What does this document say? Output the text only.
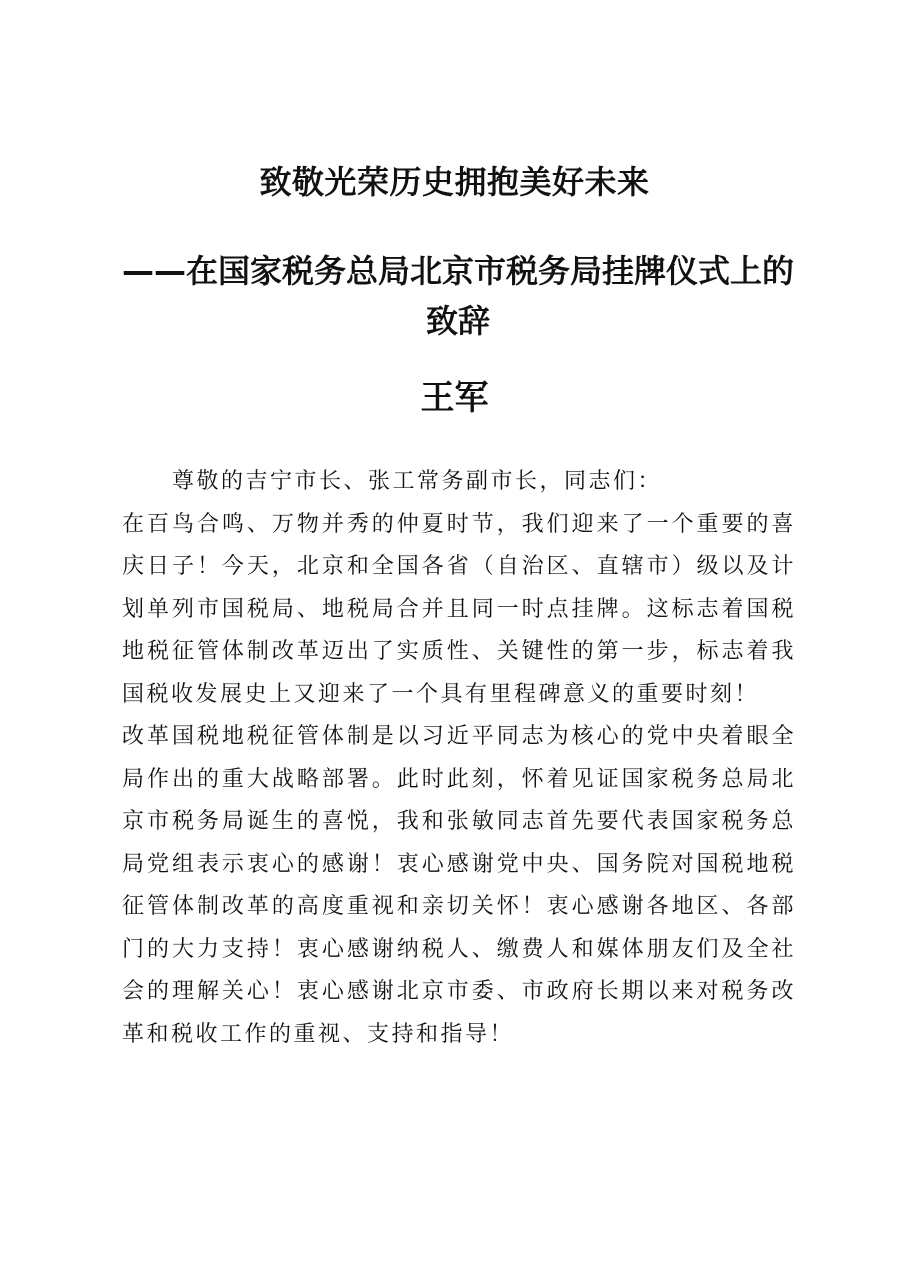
致敬光荣历史拥抱美好未来
——在国家税务总局北京市税务局挂牌仪式上的致辞
王军

尊敬的吉宁市长、张工常务副市长，同志们：

在百鸟合鸣、万物并秀的仲夏时节，我们迎来了一个重要的喜庆日子！今天，北京和全国各省（自治区、直辖市）级以及计划单列市国税局、地税局合并且同一时点挂牌。这标志着国税地税征管体制改革迈出了实质性、关键性的第一步，标志着我国税收发展史上又迎来了一个具有里程碑意义的重要时刻！

改革国税地税征管体制是以习近平同志为核心的党中央着眼全局作出的重大战略部署。此时此刻，怀着见证国家税务总局北京市税务局诞生的喜悦，我和张敏同志首先要代表国家税务总局党组表示衷心的感谢！衷心感谢党中央、国务院对国税地税征管体制改革的高度重视和亲切关怀！衷心感谢各地区、各部门的大力支持！衷心感谢纳税人、缴费人和媒体朋友们及全社会的理解关心！衷心感谢北京市委、市政府长期以来对税务改革和税收工作的重视、支持和指导！
